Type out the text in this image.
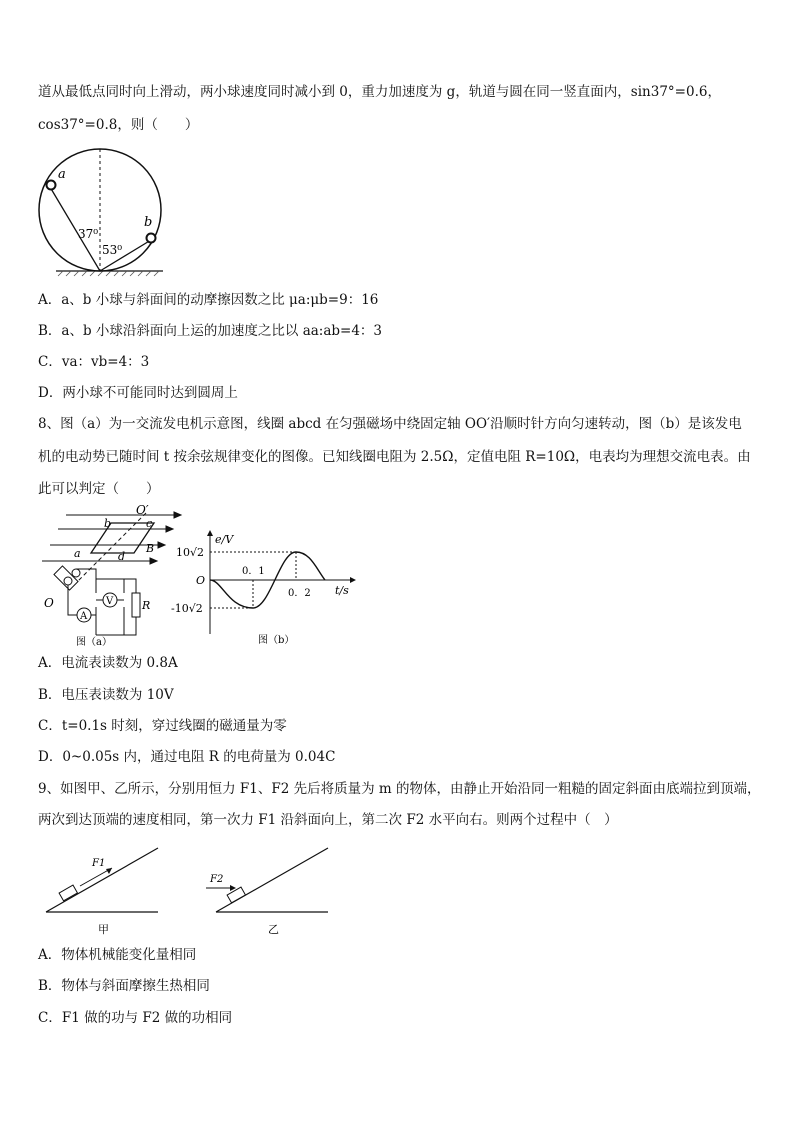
道从最低点同时向上滑动，两小球速度同时减小到 0，重力加速度为 g，轨道与圆在同一竖直面内，sin37°=0.6，
cos37°=0.8，则（　　）
a
b
37⁰
53⁰
A．a、b 小球与斜面间的动摩擦因数之比 μa:μb=9：16
B．a、b 小球沿斜面向上运的加速度之比以 aa:ab=4：3
C．va：vb=4：3
D．两小球不可能同时达到圆周上
8、图（a）为一交流发电机示意图，线圈 abcd 在匀强磁场中绕固定轴 OO′沿顺时针方向匀速转动，图（b）是该发电
机的电动势已随时间 t 按余弦规律变化的图像。已知线圈电阻为 2.5Ω，定值电阻 R=10Ω，电表均为理想交流电表。由
此可以判定（　　）
A
V	R
O′
O
b	c
B
a	d
图（a）
e/V
10√2
O
-10√2
0．1
0．2 t/s
图（b）
A．电流表读数为 0.8A
B．电压表读数为 10V
C．t=0.1s 时刻，穿过线圈的磁通量为零
D．0~0.05s 内，通过电阻 R 的电荷量为 0.04C
9、如图甲、乙所示，分别用恒力 F1、F2 先后将质量为 m 的物体，由静止开始沿同一粗糙的固定斜面由底端拉到顶端，
两次到达顶端的速度相同，第一次力 F1 沿斜面向上，第二次 F2 水平向右。则两个过程中（　）
F1
甲
F2
乙
A．物体机械能变化量相同
B．物体与斜面摩擦生热相同
C．F1 做的功与 F2 做的功相同
